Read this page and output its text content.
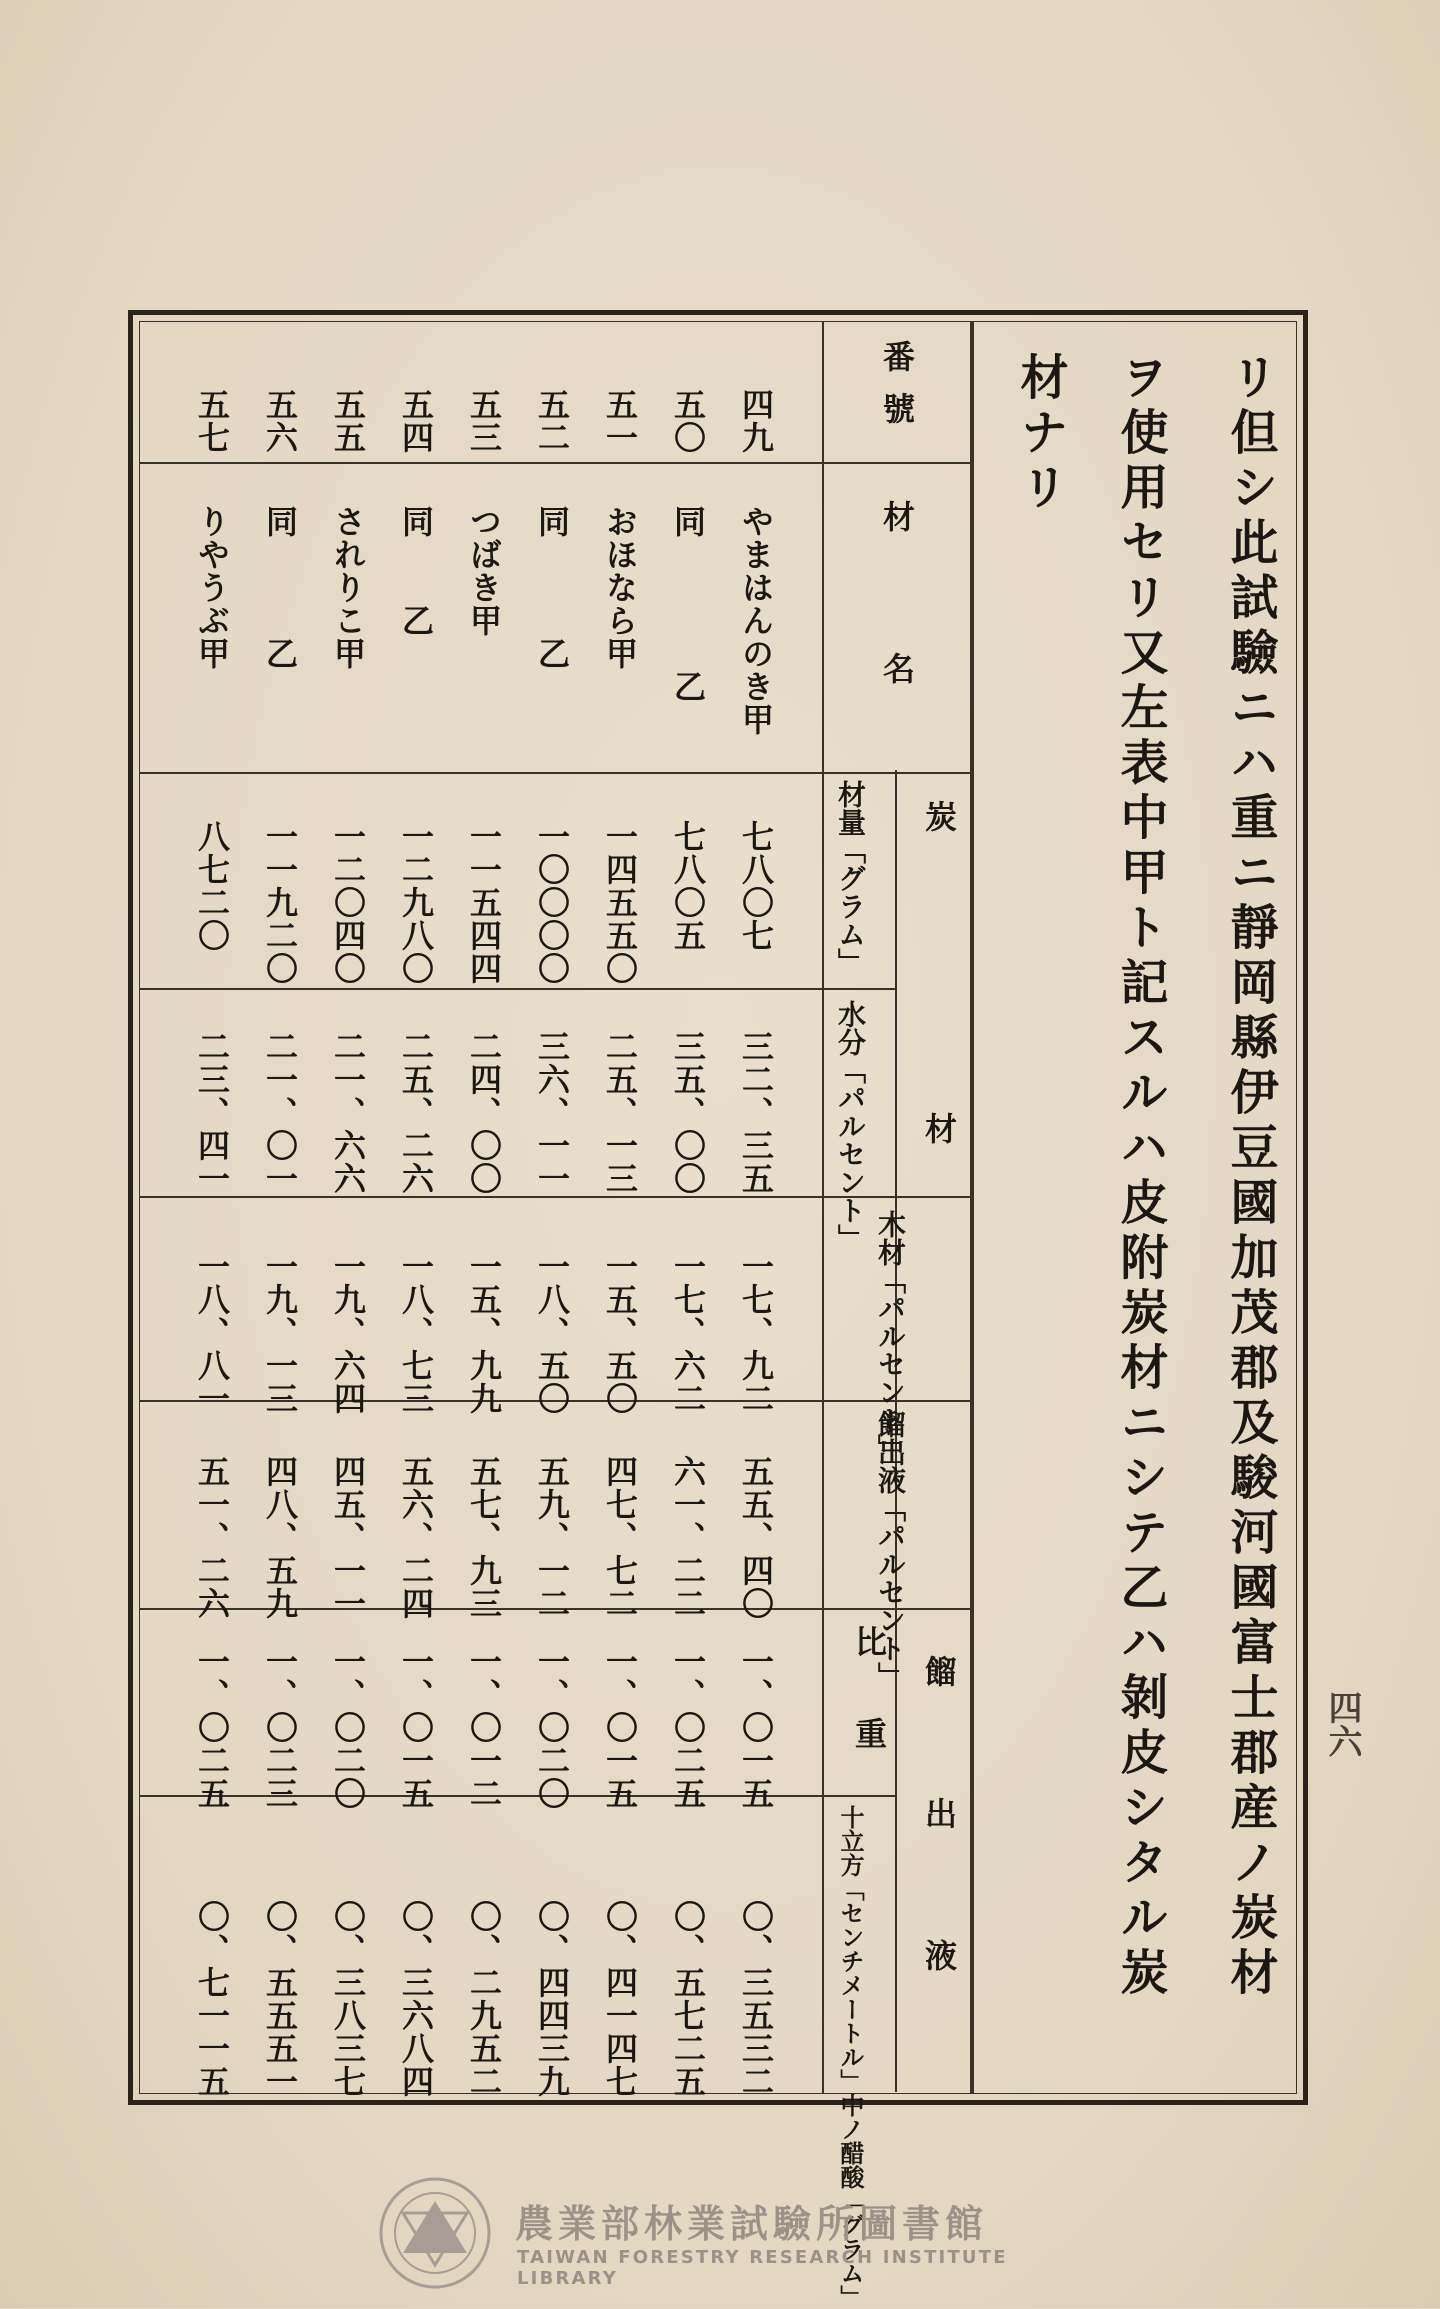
リ但シ此試驗ニハ重ニ靜岡縣伊豆國加茂郡及駿河國富士郡産ノ炭材
ヲ使用セリ又左表中甲ト記スルハ皮附炭材ニシテ乙ハ剝皮シタル炭
材ナリ
番號
材名
炭材
材量「グラム」
水分「パルセント」
木材「パルセント」
餾出液「パルセント」
餾出液
比重
十立方「センチメートル」中ノ醋酸「グラム」
四九
やまはんのき甲
七八〇七
三二、三五
一七、九二
五五、四〇
一、〇一五
〇、三五三二
五〇
同　　　　乙
七八〇五
三五、〇〇
一七、六二
六一、二二
一、〇二五
〇、五七二五
五一
おほなら甲
一四五五〇
二五、一三
一五、五〇
四七、七二
一、〇一五
〇、四一四七
五二
同　　　乙
一〇〇〇〇
三六、一一
一八、五〇
五九、一二
一、〇二〇
〇、四四三九
五三
つばき甲
一一五四四
二四、〇〇
一五、九九
五七、九三
一、〇一二
〇、二九五二
五四
同　　乙
一二九八〇
二五、二六
一八、七三
五六、二四
一、〇一五
〇、三六八四
五五
されりこ甲
一二〇四〇
二一、六六
一九、六四
四五、一一
一、〇二〇
〇、三八三七
五六
同　　　乙
一一九二〇
二一、〇一
一九、一三
四八、五九
一、〇二三
〇、五五五一
五七
りやうぶ甲
八七二〇
二三、四一
一八、八一
五一、二六
一、〇二五
〇、七一一五
四六
農業部林業試驗所圖書館
TAIWAN FORESTRY RESEARCH INSTITUTE LIBRARY
